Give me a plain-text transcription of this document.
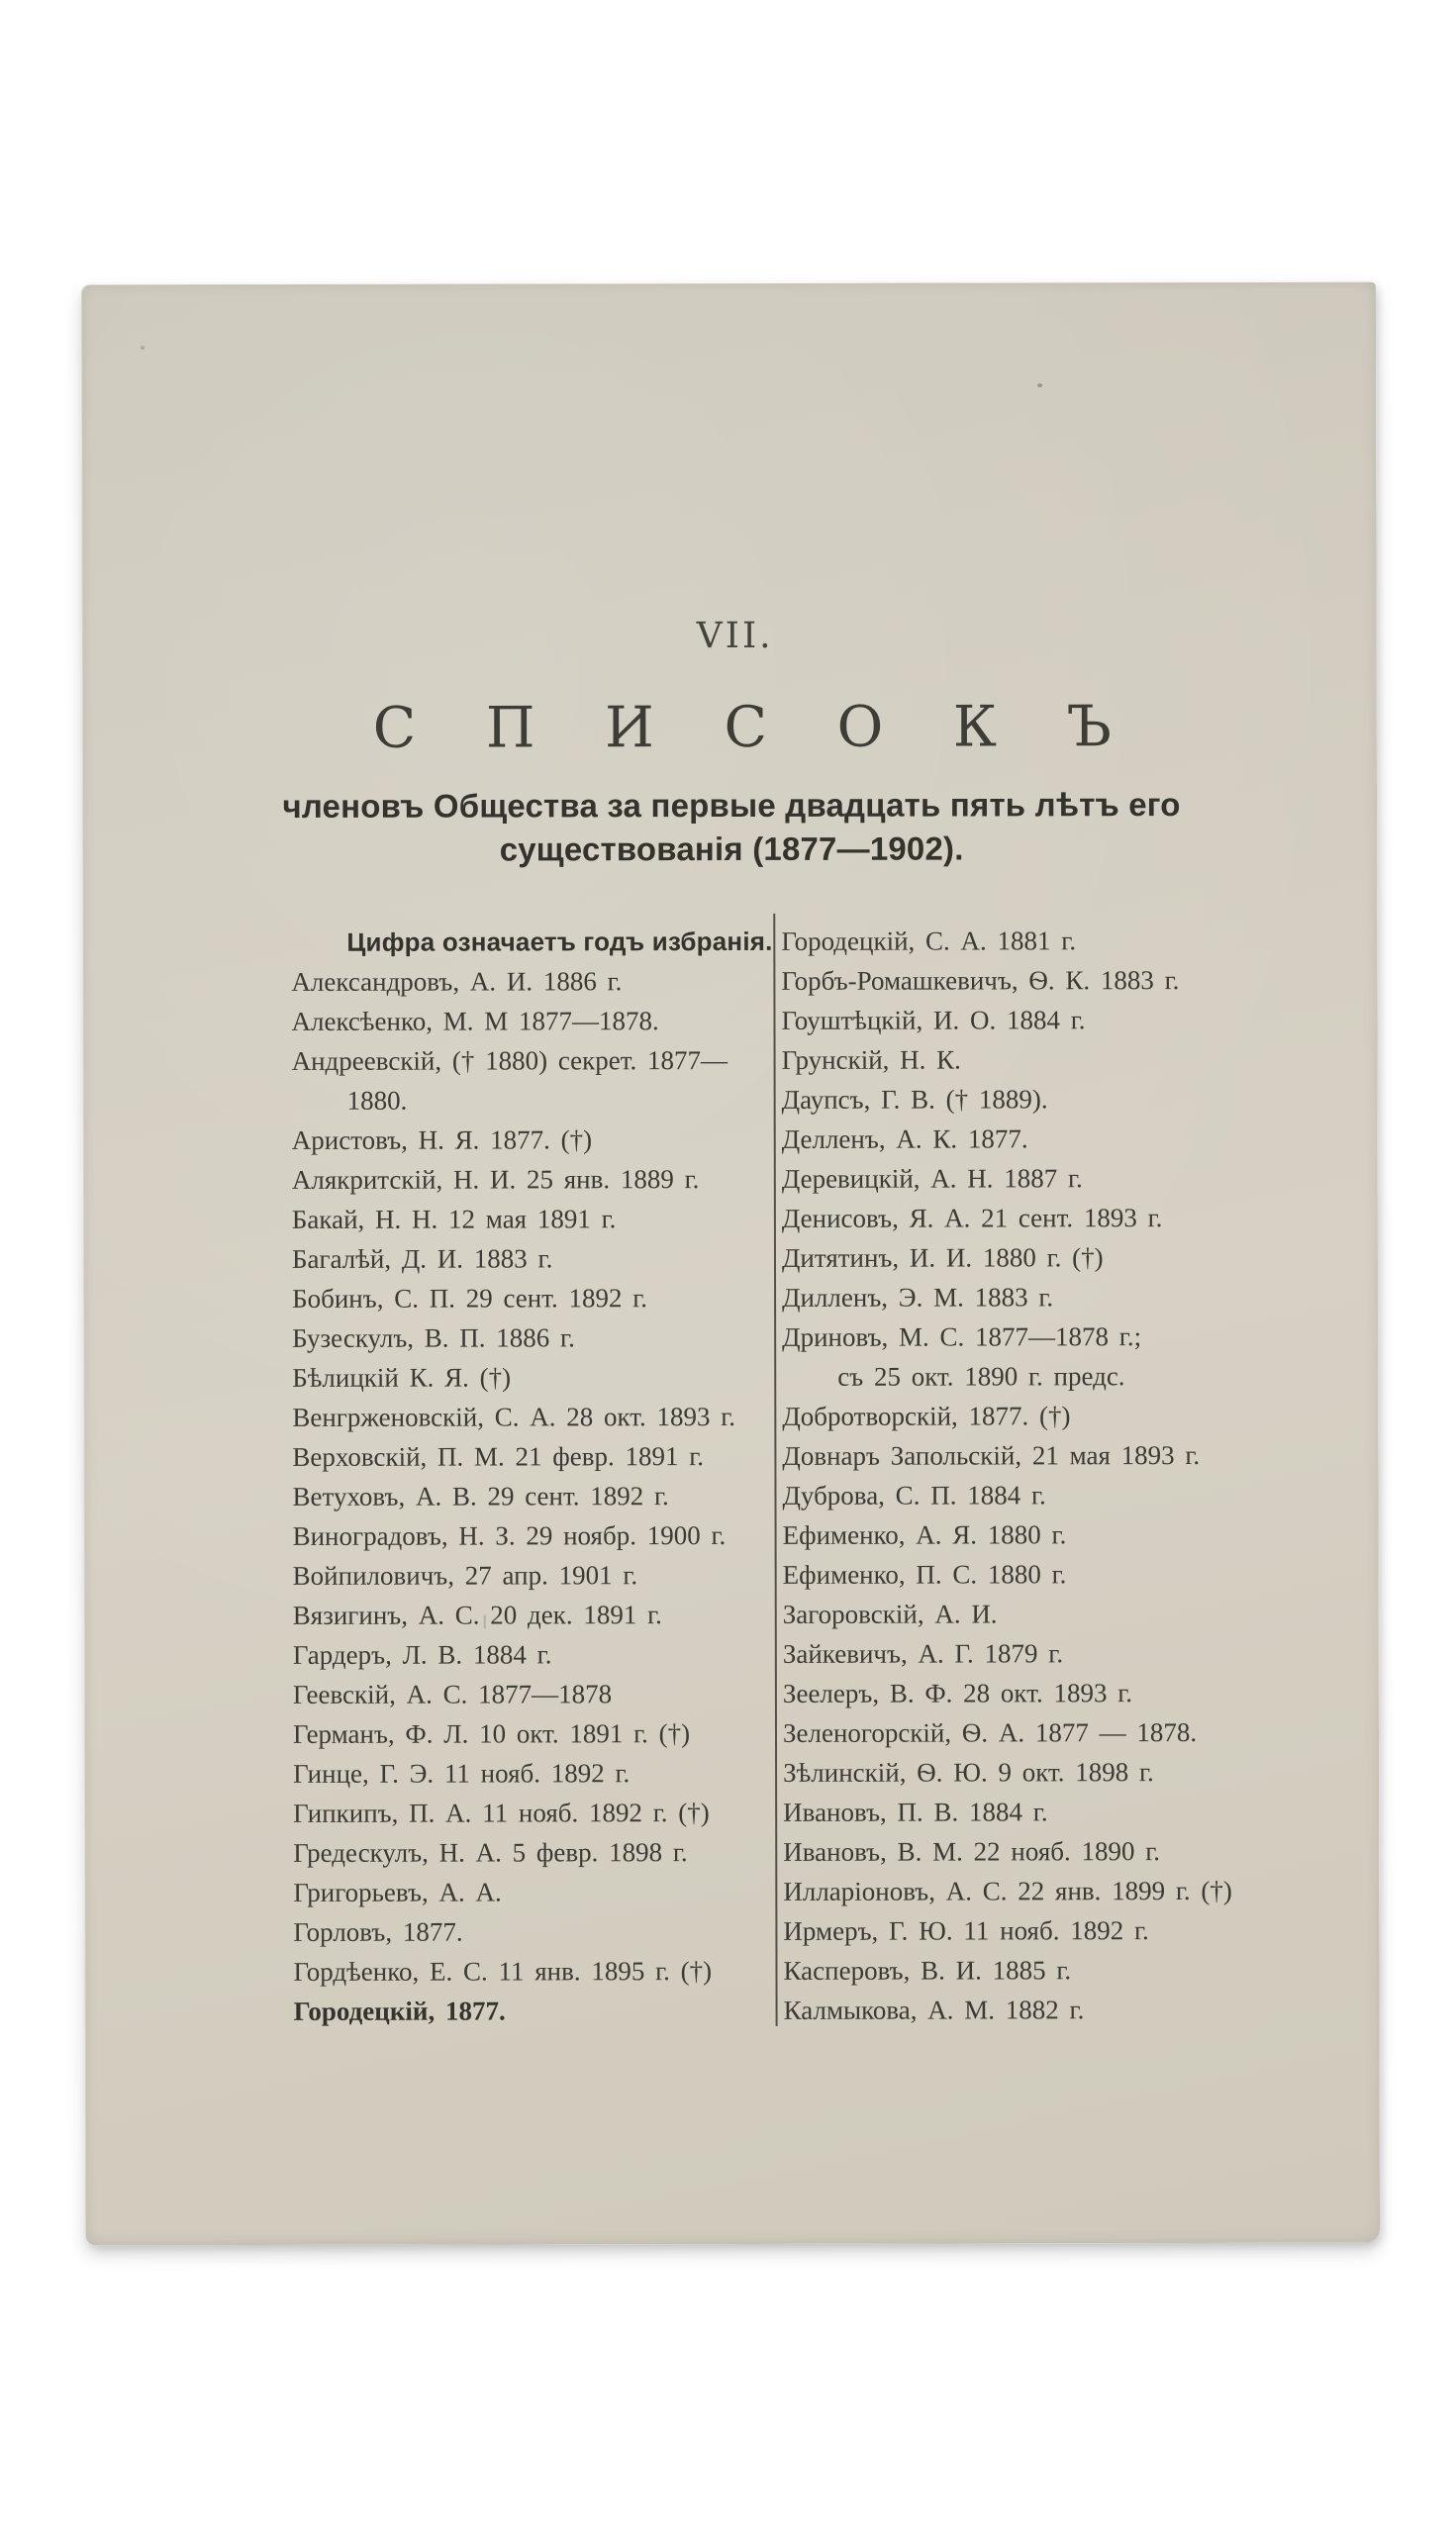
VII.
С П И С О К Ъ
членовъ Общества за первые двадцать пять лѣтъ его
существованія (1877—1902).
Цифра означаетъ годъ избранія.
Александровъ, А. И. 1886 г.
Алексѣенко, М. М 1877—1878.
Андреевскій, († 1880) секрет. 1877—
1880.
Аристовъ, Н. Я. 1877. (†)
Алякритскій, Н. И. 25 янв. 1889 г.
Бакай, Н. Н. 12 мая 1891 г.
Багалѣй, Д. И. 1883 г.
Бобинъ, С. П. 29 сент. 1892 г.
Бузескулъ, В. П. 1886 г.
Бѣлицкій К. Я. (†)
Венгрженовскій, С. А. 28 окт. 1893 г.
Верховскій, П. М. 21 февр. 1891 г.
Ветуховъ, А. В. 29 сент. 1892 г.
Виноградовъ, Н. З. 29 ноябр. 1900 г.
Войпиловичъ, 27 апр. 1901 г.
Вязигинъ, А. С. 20 дек. 1891 г.
Гардеръ, Л. В. 1884 г.
Геевскій, А. С. 1877—1878
Германъ, Ф. Л. 10 окт. 1891 г. (†)
Гинце, Г. Э. 11 нояб. 1892 г.
Гипкипъ, П. А. 11 нояб. 1892 г. (†)
Гредескулъ, Н. А. 5 февр. 1898 г.
Григорьевъ, А. А.
Горловъ, 1877.
Гордѣенко, Е. С. 11 янв. 1895 г. (†)
Городецкій, 1877.
Городецкій, С. А. 1881 г.
Горбъ-Ромашкевичъ, Ѳ. К. 1883 г.
Гоуштѣцкій, И. О. 1884 г.
Грунскій, Н. К.
Даупсъ, Г. В. († 1889).
Делленъ, А. К. 1877.
Деревицкій, А. Н. 1887 г.
Денисовъ, Я. А. 21 сент. 1893 г.
Дитятинъ, И. И. 1880 г. (†)
Дилленъ, Э. М. 1883 г.
Дриновъ, М. С. 1877—1878 г.;
съ 25 окт. 1890 г. предс.
Добротворскій, 1877. (†)
Довнаръ Запольскій, 21 мая 1893 г.
Дуброва, С. П. 1884 г.
Ефименко, А. Я. 1880 г.
Ефименко, П. С. 1880 г.
Загоровскій, А. И.
Зайкевичъ, А. Г. 1879 г.
Зеелеръ, В. Ф. 28 окт. 1893 г.
Зеленогорскій, Ѳ. А. 1877 — 1878.
Зѣлинскій, Ѳ. Ю. 9 окт. 1898 г.
Ивановъ, П. В. 1884 г.
Ивановъ, В. М. 22 нояб. 1890 г.
Илларіоновъ, А. С. 22 янв. 1899 г. (†)
Ирмеръ, Г. Ю. 11 нояб. 1892 г.
Касперовъ, В. И. 1885 г.
Калмыкова, А. М. 1882 г.
